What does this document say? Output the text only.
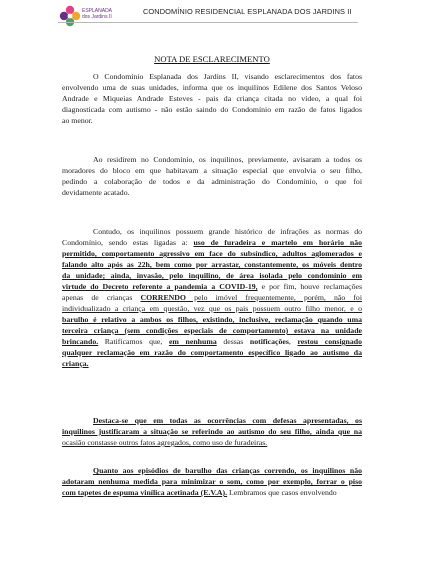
ESPLANADA
dos Jardins II
CONDOMÍNIO RESIDENCIAL ESPLANADA DOS JARDINS II
NOTA DE ESCLARECIMENTO
O Condomínio Esplanada dos Jardins II, visando esclarecimentos dos fatos
envolvendo uma de suas unidades, informa que os inquilinos Edilene dos Santos Veloso
Andrade e Miqueias Andrade Esteves - pais da criança citada no vídeo, a qual foi
diagnosticada com autismo - não estão saindo do Condomínio em razão de fatos ligados
ao menor.
Ao residirem no Condomínio, os inquilinos, previamente, avisaram a todos os
moradores do bloco em que habitavam a situação especial que envolvia o seu filho,
pedindo a colaboração de todos e da administração do Condomínio, o que foi
devidamente acatado.
Contudo, os inquilinos possuem grande histórico de infrações as normas do
Condomínio, sendo estas ligadas a: uso de furadeira e martelo em horário não
permitido, comportamento agressivo em face do subsíndico, adultos aglomerados e
falando alto após as 22h, bem como por arrastar, constantemente, os móveis dentro
da unidade; ainda, invasão, pelo inquilino, de área isolada pelo condomínio em
virtude do Decreto referente a pandemia a COVID-19, e por fim, houve reclamações
apenas de crianças CORRENDO pelo imóvel frequentemente, porém, não foi
individualizado a criança em questão, vez que os pais possuem outro filho menor, e o
barulho é relativo a ambos os filhos, existindo, inclusive, reclamação quando uma
terceira criança (sem condições especiais de comportamento) estava na unidade
brincando. Ratificamos que, em nenhuma dessas notificações, restou consignado
qualquer reclamação em razão do comportamento específico ligado ao autismo da
criança.
Destaca-se que em todas as ocorrências com defesas apresentadas, os
inquilinos justificaram a situação se referindo ao autismo do seu filho, ainda que na
ocasião constasse outros fatos agregados, como uso de furadeiras.
Quanto aos episódios de barulho das crianças correndo, os inquilinos não
adotaram nenhuma medida para minimizar o som, como por exemplo, forrar o piso
com tapetes de espuma vinílica acetinada (E.V.A). Lembramos que casos envolvendo
